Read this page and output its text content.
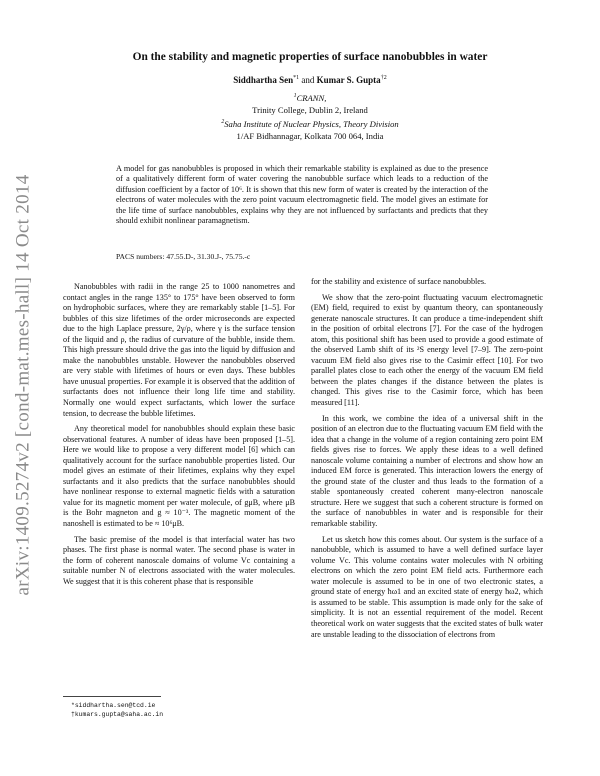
arXiv:1409.5274v2 [cond-mat.mes-hall] 14 Oct 2014
On the stability and magnetic properties of surface nanobubbles in water
Siddhartha Sen$^{*1}$ and Kumar S. Gupta$^{\dagger 2}$
$^1$CRANN,
Trinity College, Dublin 2, Ireland
$^2$Saha Institute of Nuclear Physics, Theory Division
1/AF Bidhannagar, Kolkata 700 064, India

A model for gas nanobubbles is proposed in which their remarkable stability is explained as due to the presence of a qualitatively different form of water covering the nanobubble surface which leads to a reduction of the diffusion coefficient by a factor of 10⁶. It is shown that this new form of water is created by the interaction of the electrons of water molecules with the zero point vacuum electromagnetic field. The model gives an estimate for the life time of surface nanobubbles, explains why they are not influenced by surfactants and predicts that they should exhibit nonlinear paramagnetism.

PACS numbers: 47.55.D-, 31.30.J-, 75.75.-c

Nanobubbles with radii in the range 25 to 1000 nanometres and contact angles in the range 135° to 175° have been observed to form on hydrophobic surfaces, where they are remarkably stable [1–5]. For bubbles of this size lifetimes of the order microseconds are expected due to the high Laplace pressure, 2γ/ρ, where γ is the surface tension of the liquid and ρ, the radius of curvature of the bubble, inside them. This high pressure should drive the gas into the liquid by diffusion and make the nanobubbles unstable. However the nanobubbles observed are very stable with lifetimes of hours or even days. These bubbles have unusual properties. For example it is observed that the addition of surfactants does not influence their long life time and stability. Normally one would expect surfactants, which lower the surface tension, to decrease the bubble lifetimes.

Any theoretical model for nanobubbles should explain these basic observational features. A number of ideas have been proposed [1–5]. Here we would like to propose a very different model [6] which can qualitatively account for the surface nanobubble properties listed. Our model gives an estimate of their lifetimes, explains why they expel surfactants and it also predicts that the surface nanobubbles should have nonlinear response to external magnetic fields with a saturation value for its magnetic moment per water molecule, of gμB, where μB is the Bohr magneton and g ≈ 10⁻³. The magnetic moment of the nanoshell is estimated to be ≈ 10⁶μB.

The basic premise of the model is that interfacial water has two phases. The first phase is normal water. The second phase is water in the form of coherent nanoscale domains of volume Vc containing a suitable number N of electrons associated with the water molecules. We suggest that it is this coherent phase that is responsible

for the stability and existence of surface nanobubbles.

We show that the zero-point fluctuating vacuum electromagnetic (EM) field, required to exist by quantum theory, can spontaneously generate nanoscale structures. It can produce a time-independent shift in the position of orbital electrons [7]. For the case of the hydrogen atom, this positional shift has been used to provide a good estimate of the observed Lamb shift of its ²S energy level [7–9]. The zero-point vacuum EM field also gives rise to the Casimir effect [10]. For two parallel plates close to each other the energy of the vacuum EM field between the plates changes if the distance between the plates is changed. This gives rise to the Casimir force, which has been measured [11].

In this work, we combine the idea of a universal shift in the position of an electron due to the fluctuating vacuum EM field with the idea that a change in the volume of a region containing zero point EM fields gives rise to forces. We apply these ideas to a well defined nanoscale volume containing a number of electrons and show how an induced EM force is generated. This interaction lowers the energy of the ground state of the cluster and thus leads to the formation of a stable spontaneously created coherent many-electron nanoscale structure. Here we suggest that such a coherent structure is formed on the surface of nanobubbles in water and is responsible for their remarkable stability.

Let us sketch how this comes about. Our system is the surface of a nanobubble, which is assumed to have a well defined surface layer volume Vc. This volume contains water molecules with N orbiting electrons on which the zero point EM field acts. Furthermore each water molecule is assumed to be in one of two electronic states, a ground state of energy ħω1 and an excited state of energy ħω2, which is assumed to be stable. This assumption is made only for the sake of simplicity. It is not an essential requirement of the model. Recent theoretical work on water suggests that the excited states of bulk water are unstable leading to the dissociation of electrons from

*siddhartha.sen@tcd.ie
†kumars.gupta@saha.ac.in
